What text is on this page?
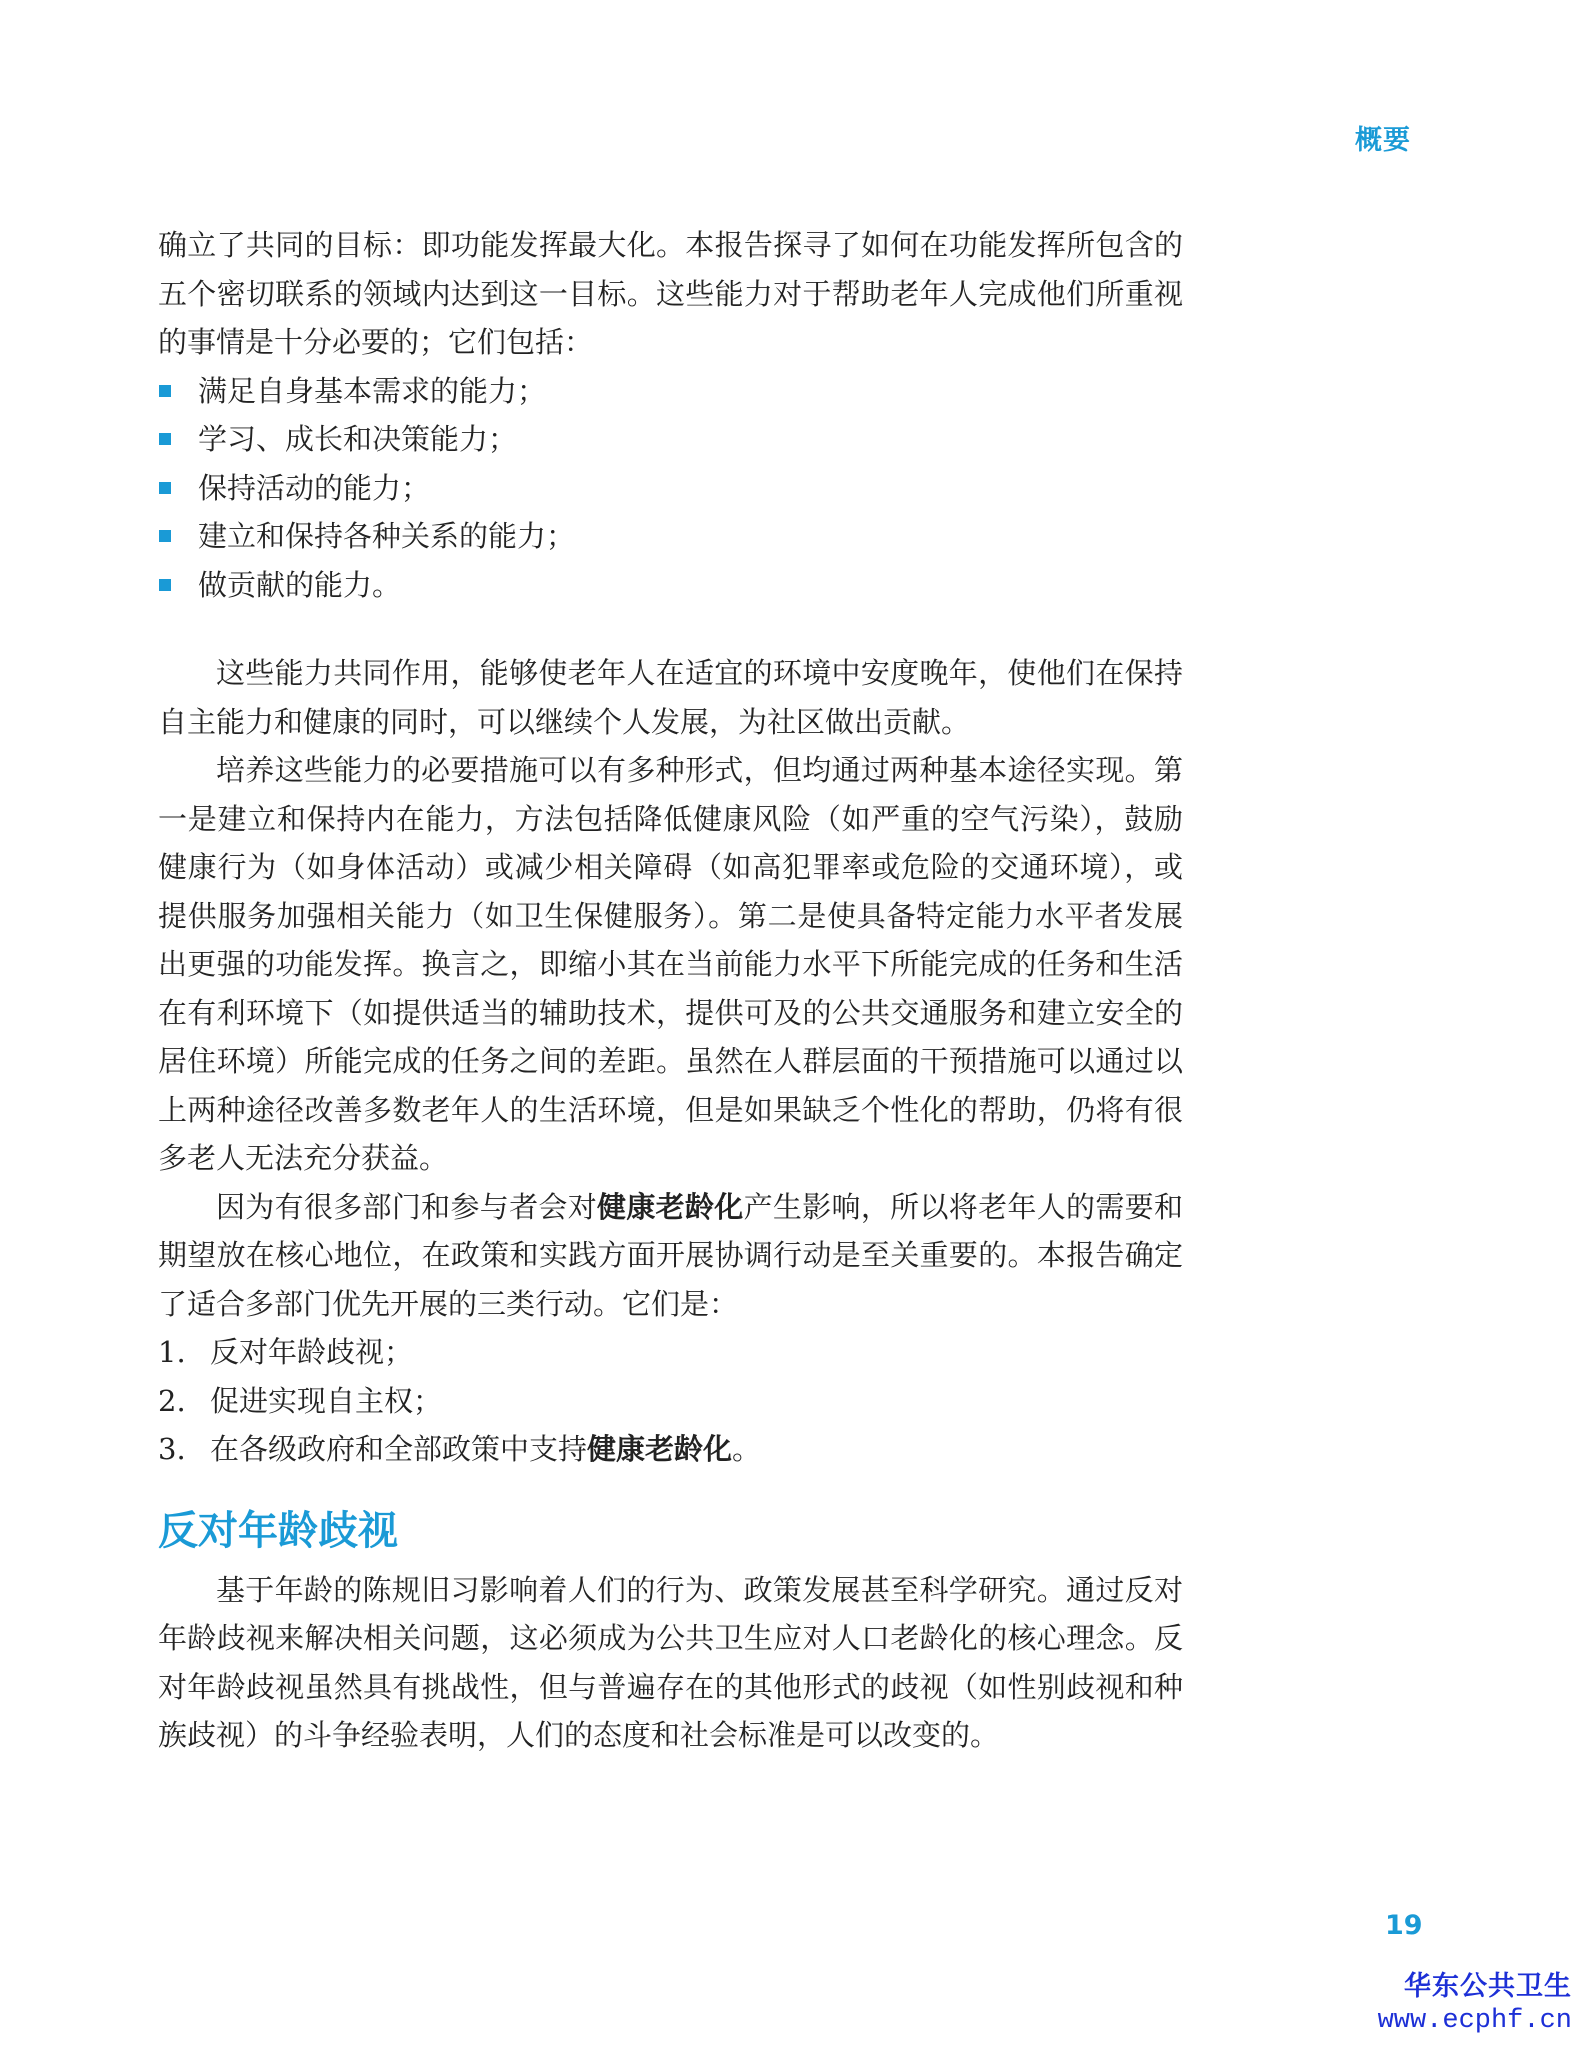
概要

确立了共同的目标：即功能发挥最大化。本报告探寻了如何在功能发挥所包含的五个密切联系的领域内达到这一目标。这些能力对于帮助老年人完成他们所重视的事情是十分必要的；它们包括：

满足自身基本需求的能力；
学习、成长和决策能力；
保持活动的能力；
建立和保持各种关系的能力；
做贡献的能力。

这些能力共同作用，能够使老年人在适宜的环境中安度晚年，使他们在保持自主能力和健康的同时，可以继续个人发展，为社区做出贡献。

培养这些能力的必要措施可以有多种形式，但均通过两种基本途径实现。第一是建立和保持内在能力，方法包括降低健康风险（如严重的空气污染），鼓励健康行为（如身体活动）或减少相关障碍（如高犯罪率或危险的交通环境），或提供服务加强相关能力（如卫生保健服务）。第二是使具备特定能力水平者发展出更强的功能发挥。换言之，即缩小其在当前能力水平下所能完成的任务和生活在有利环境下（如提供适当的辅助技术，提供可及的公共交通服务和建立安全的居住环境）所能完成的任务之间的差距。虽然在人群层面的干预措施可以通过以上两种途径改善多数老年人的生活环境，但是如果缺乏个性化的帮助，仍将有很多老人无法充分获益。

因为有很多部门和参与者会对健康老龄化产生影响，所以将老年人的需要和期望放在核心地位，在政策和实践方面开展协调行动是至关重要的。本报告确定了适合多部门优先开展的三类行动。它们是：

1. 反对年龄歧视；
2. 促进实现自主权；
3. 在各级政府和全部政策中支持健康老龄化。
反对年龄歧视

基于年龄的陈规旧习影响着人们的行为、政策发展甚至科学研究。通过反对年龄歧视来解决相关问题，这必须成为公共卫生应对人口老龄化的核心理念。反对年龄歧视虽然具有挑战性，但与普遍存在的其他形式的歧视（如性别歧视和种族歧视）的斗争经验表明，人们的态度和社会标准是可以改变的。

19
华东公共卫生
www.ecphf.cn
